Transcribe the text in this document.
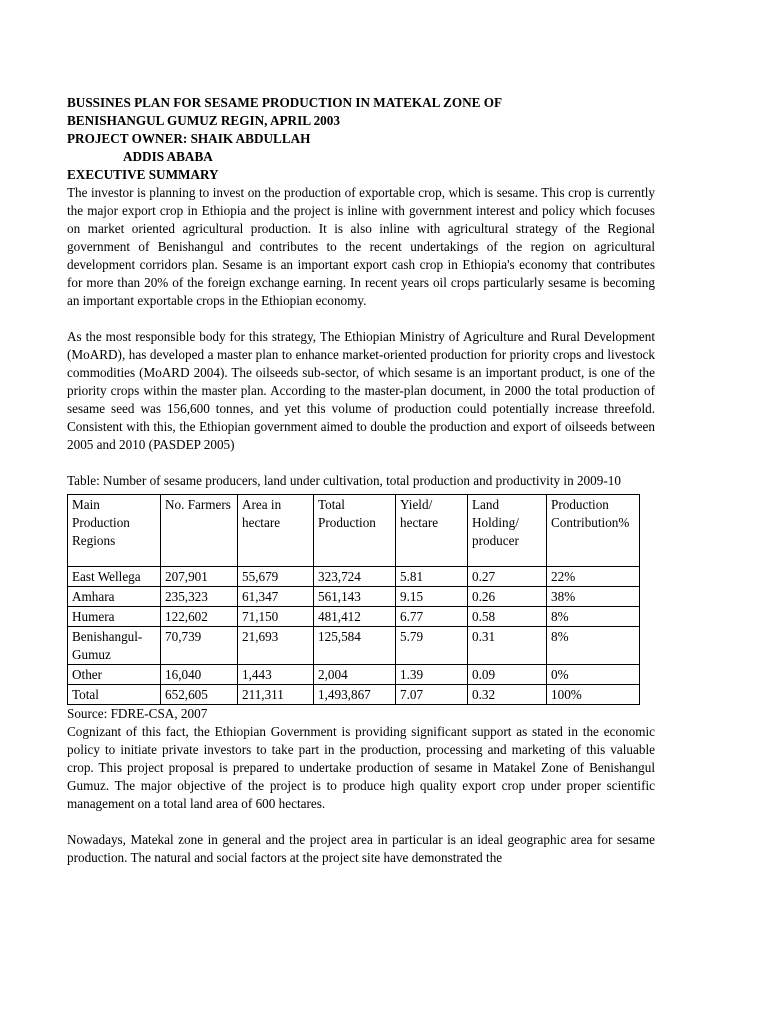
BUSSINES PLAN FOR SESAME PRODUCTION IN MATEKAL ZONE OF

BENISHANGUL GUMUZ REGIN, APRIL 2003

PROJECT OWNER: SHAIK ABDULLAH

ADDIS ABABA

EXECUTIVE SUMMARY

The investor is planning to invest on the production of exportable crop, which is sesame. This crop is currently the major export crop in Ethiopia and the project is inline with government interest and policy which focuses on market oriented agricultural production. It is also inline with agricultural strategy of the Regional government of Benishangul and contributes to the recent undertakings of the region on agricultural development corridors plan. Sesame is an important export cash crop in Ethiopia's economy that contributes for more than 20% of the foreign exchange earning. In recent years oil crops particularly sesame is becoming an important exportable crops in the Ethiopian economy.

As the most responsible body for this strategy, The Ethiopian Ministry of Agriculture and Rural Development (MoARD), has developed a master plan to enhance market-oriented production for priority crops and livestock commodities (MoARD 2004). The oilseeds sub-sector, of which sesame is an important product, is one of the priority crops within the master plan. According to the master-plan document, in 2000 the total production of sesame seed was 156,600 tonnes, and yet this volume of production could potentially increase threefold. Consistent with this, the Ethiopian government aimed to double the production and export of oilseeds between 2005 and 2010 (PASDEP 2005)

Table: Number of sesame producers, land under cultivation, total production and productivity in 2009-10

Main Production Regions	No. Farmers	Area in hectare	Total Production	Yield/ hectare	Land Holding/ producer	Production Contribution%
East Wellega	207,901	55,679	323,724	5.81	0.27	22%
Amhara	235,323	61,347	561,143	9.15	0.26	38%
Humera	122,602	71,150	481,412	6.77	0.58	8%
Benishangul-Gumuz	70,739	21,693	125,584	5.79	0.31	8%
Other	16,040	1,443	2,004	1.39	0.09	0%
Total	652,605	211,311	1,493,867	7.07	0.32	100%

Source: FDRE-CSA, 2007

Cognizant of this fact, the Ethiopian Government is providing significant support as stated in the economic policy to initiate private investors to take part in the production, processing and marketing of this valuable crop. This project proposal is prepared to undertake production of sesame in Matakel Zone of Benishangul Gumuz. The major objective of the project is to produce high quality export crop under proper scientific management on a total land area of 600 hectares.

Nowadays, Matekal zone in general and the project area in particular is an ideal geographic area for sesame production. The natural and social factors at the project site have demonstrated the
